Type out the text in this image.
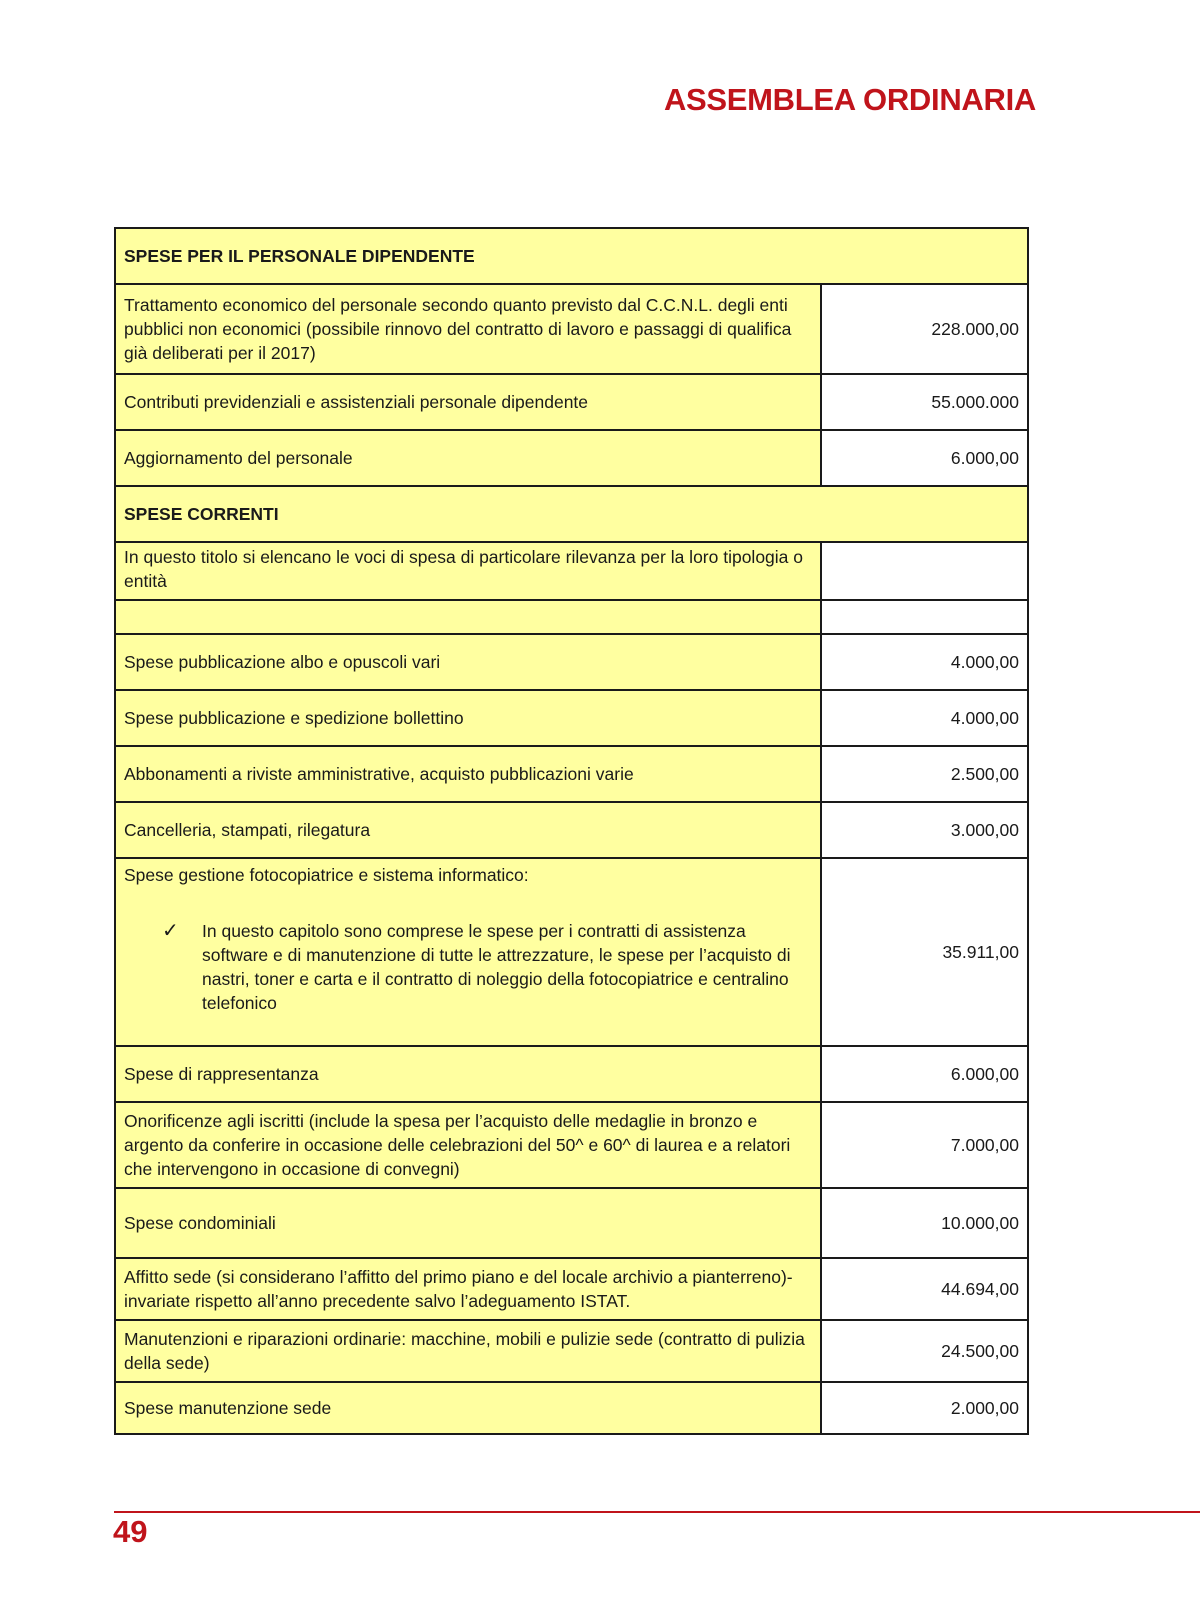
ASSEMBLEA ORDINARIA
SPESE PER IL PERSONALE DIPENDENTE	
Trattamento economico del personale secondo quanto previsto dal C.C.N.L. degli enti pubblici non economici (possibile rinnovo del contratto di lavoro e passaggi di qualifica già deliberati per il 2017)	228.000,00
Contributi previdenziali e assistenziali personale dipendente	55.000.000
Aggiornamento del personale	6.000,00
SPESE CORRENTI	
In questo titolo si elencano le voci di spesa di particolare rilevanza per la loro tipologia o entità	

Spese pubblicazione albo e opuscoli vari	4.000,00
Spese pubblicazione e spedizione bollettino	4.000,00
Abbonamenti a riviste amministrative, acquisto pubblicazioni varie	2.500,00
Cancelleria, stampati, rilegatura	3.000,00

Spese gestione fotocopiatrice e sistema informatico:
✓ In questo capitolo sono comprese le spese per i contratti di assistenza software e di manutenzione di tutte le attrezzature, le spese per l’acquisto di nastri, toner e carta e il contratto di noleggio della fotocopiatrice e centralino telefonico	35.911,00
Spese di rappresentanza	6.000,00
Onorificenze agli iscritti (include la spesa per l’acquisto delle medaglie in bronzo e argento da conferire in occasione delle celebrazioni del 50^ e 60^ di laurea e a relatori che intervengono in occasione di convegni)	7.000,00
Spese condominiali	10.000,00
Affitto sede (si considerano l’affitto del primo piano e del locale archivio a pianterreno)-invariate rispetto all’anno precedente salvo l’adeguamento ISTAT.	44.694,00
Manutenzioni e riparazioni ordinarie: macchine, mobili e pulizie sede (contratto di pulizia della sede)	24.500,00
Spese manutenzione sede	2.000,00
49
